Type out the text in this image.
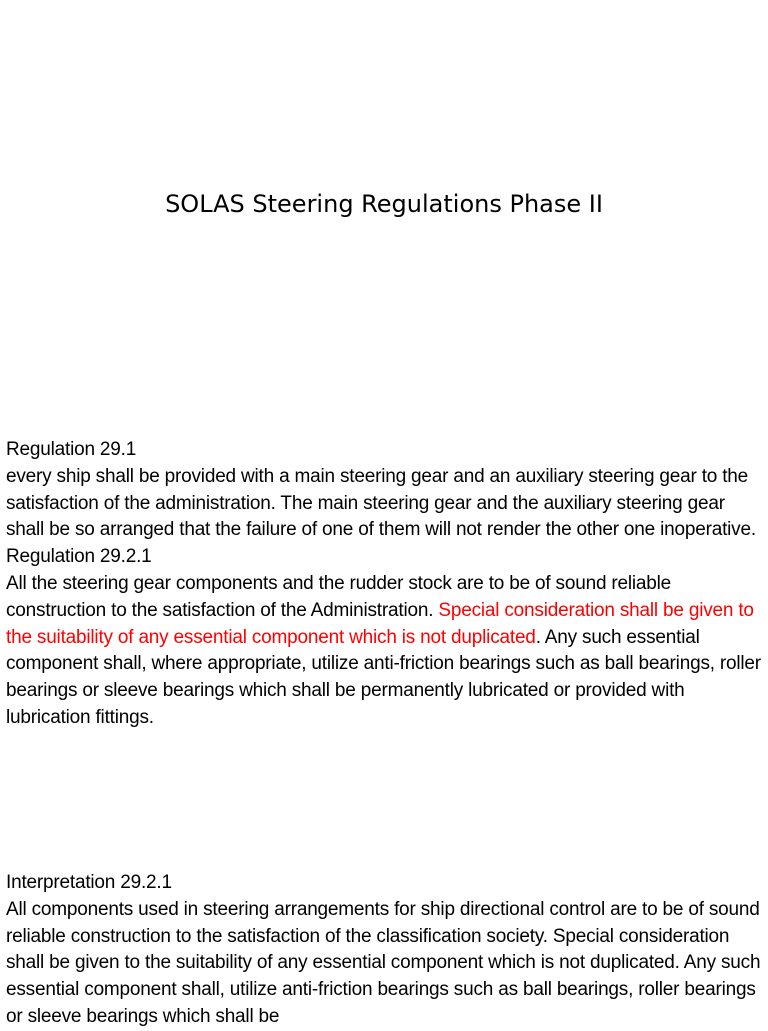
SOLAS Steering Regulations Phase II
Regulation 29.1
every ship shall be provided with a main steering gear and an auxiliary steering gear to the satisfaction of the administration. The main steering gear and the auxiliary steering gear shall be so arranged that the failure of one of them will not render the other one inoperative.
Regulation 29.2.1
All the steering gear components and the rudder stock are to be of sound reliable construction to the satisfaction of the Administration. Special consideration shall be given to the suitability of any essential component which is not duplicated. Any such essential component shall, where appropriate, utilize anti-friction bearings such as ball bearings, roller bearings or sleeve bearings which shall be permanently lubricated or provided with lubrication fittings.
Interpretation 29.2.1
All components used in steering arrangements for ship directional control are to be of sound reliable construction to the satisfaction of the classification society. Special consideration shall be given to the suitability of any essential component which is not duplicated. Any such essential component shall, utilize anti-friction bearings such as ball bearings, roller bearings or sleeve bearings which shall be
